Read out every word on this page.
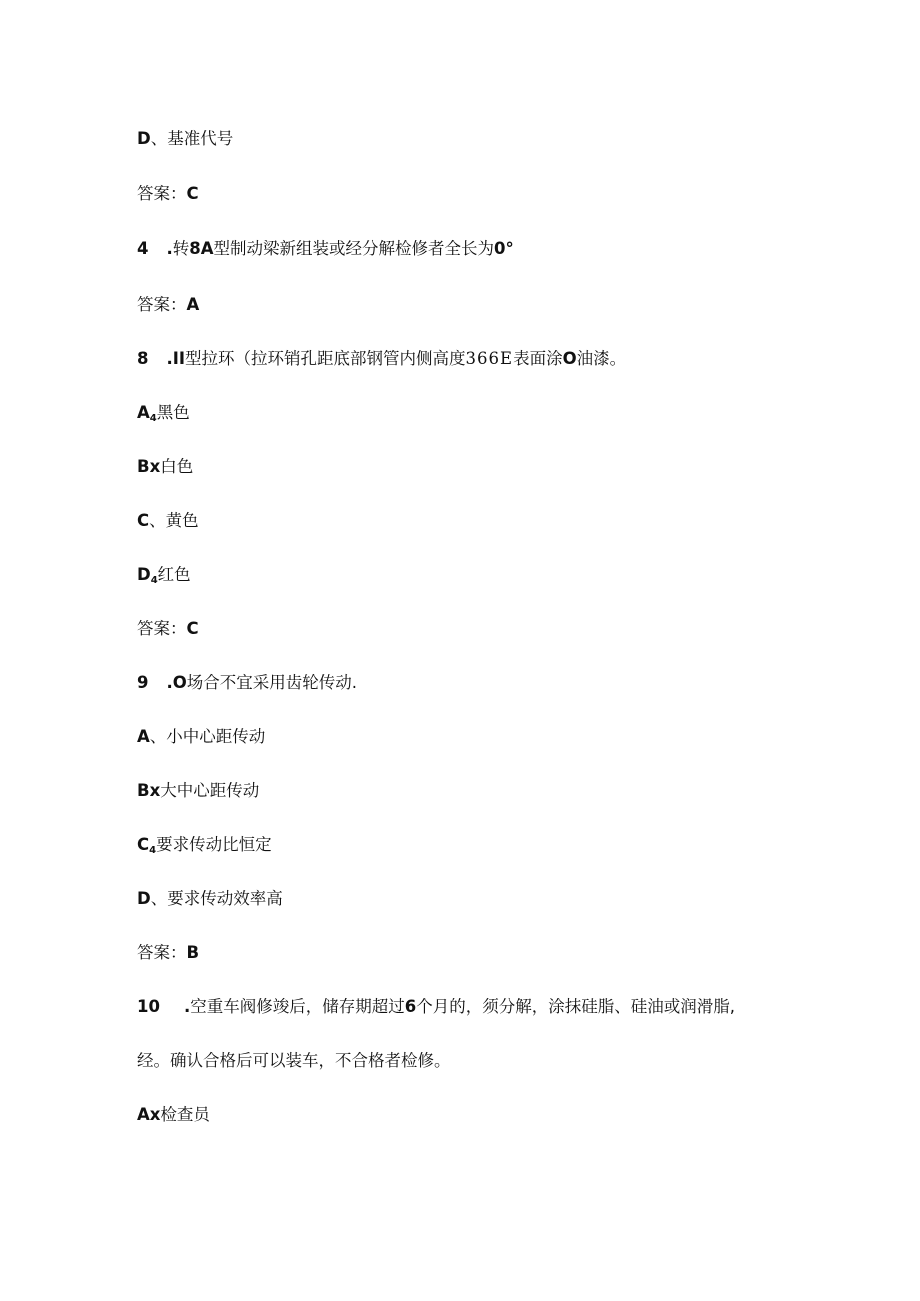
D、基准代号

答案：C

4 .转8A型制动梁新组装或经分解检修者全长为0°

答案：A

8 .II型拉环（拉环销孔距底部钢管内侧高度366E表面涂O油漆。

$A_4$黑色

Bx白色

C、黄色

$D_4$红色

答案：C

9 .O场合不宜采用齿轮传动.

A、小中心距传动

Bx大中心距传动

$C_4$要求传动比恒定

D、要求传动效率高

答案：B

10 .空重车阀修竣后，储存期超过6个月的，须分解，涂抹硅脂、硅油或润滑脂,

经。确认合格后可以装车，不合格者检修。

Ax检查员
